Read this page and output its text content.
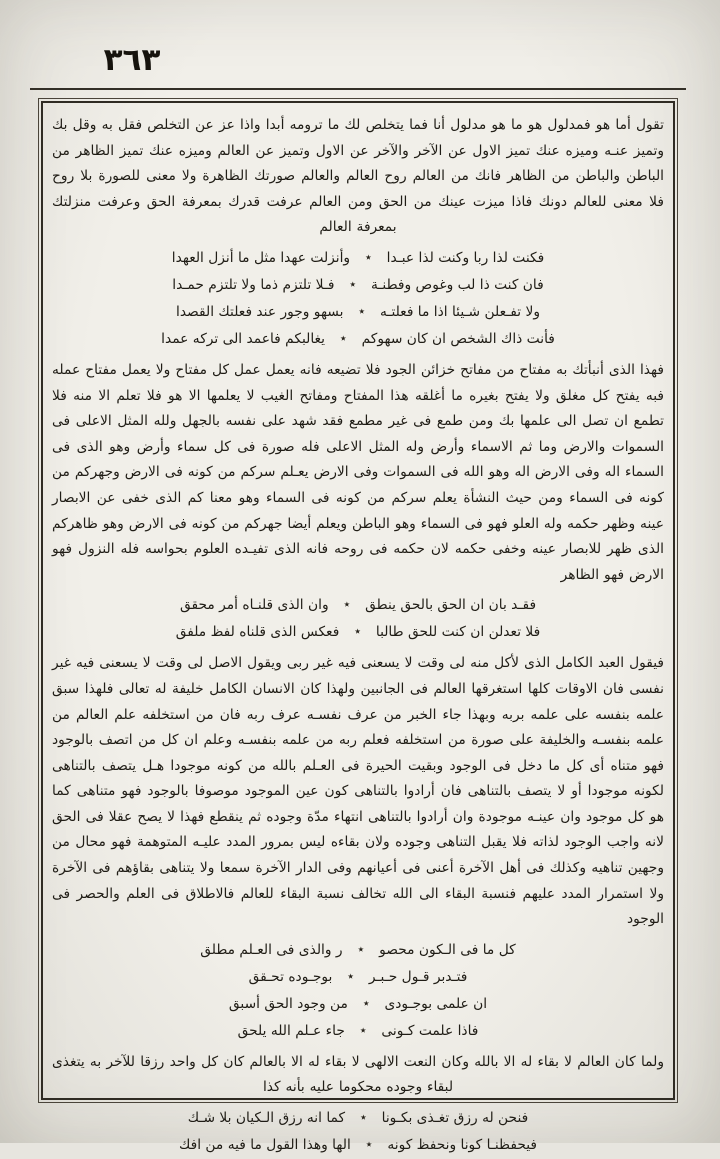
٣٦٣
تقول أما هو فمدلول هو ما هو مدلول أنا فما يتخلص لك ما ترومه أبدا واذا عز عن التخلص فقل به وقل بك وتميز عنـه وميزه عنك تميز الاول عن الآخر والآخر عن الاول وتميز عن العالم وميزه عنك تميز الظاهر من الباطن والباطن من الظاهر فانك من العالم روح العالم والعالم صورتك الظاهرة ولا معنى للصورة بلا روح فلا معنى للعالم دونك فاذا ميزت عينك من الحق ومن العالم عرفت قدرك بمعرفة الحق وعرفت منزلتك بمعرفة العالم
فكنت لذا ربا وكنت لذا عبـدا
٭
وأنزلت عهدا مثل ما أنزل العهدا
فان كنت ذا لب وغوص وفطنـة
٭
فـلا تلتزم ذما ولا تلتزم حمـدا
ولا تفـعلن شـيئا اذا ما فعلتـه
٭
بسهو وجور عند فعلتك القصدا
فأنت ذاك الشخص ان كان سهوكم
٭
يغالبكم فاعمد الى تركه عمدا
فهذا الذى أنبأتك به مفتاح من مفاتح خزائن الجود فلا تضيعه فانه يعمل عمل كل مفتاح ولا يعمل مفتاح عمله فبه يفتح كل مغلق ولا يفتح بغيره ما أغلقه هذا المفتاح ومفاتح الغيب لا يعلمها الا هو فلا تعلم الا منه فلا تطمع ان تصل الى علمها بك ومن طمع فى غير مطمع فقد شهد على نفسه بالجهل ولله المثل الاعلى فى السموات والارض وما ثم الاسماء وأرض وله المثل الاعلى فله صورة فى كل سماء وأرض وهو الذى فى السماء اله وفى الارض اله وهو الله فى السموات وفى الارض يعـلم سركم من كونه فى الارض وجهركم من كونه فى السماء ومن حيث النشأة يعلم سركم من كونه فى السماء وهو معنا كم الذى خفى عن الابصار عينه وظهر حكمه وله العلو فهو فى السماء وهو الباطن ويعلم أيضا جهركم من كونه فى الارض وهو ظاهركم الذى ظهر للابصار عينه وخفى حكمه لان حكمه فى روحه فانه الذى تفيـده العلوم بحواسه فله النزول فهو الارض فهو الظاهر
فقـد بان ان الحق بالحق ينطق
٭
وان الذى قلنـاه أمر محقق
فلا تعدلن ان كنت للحق طالبا
٭
فعكس الذى قلناه لفظ ملفق
فيقول العبد الكامل الذى لأكل منه لى وقت لا يسعنى فيه غير ربى ويقول الاصل لى وقت لا يسعنى فيه غير نفسى فان الاوقات كلها استغرقها العالم فى الجانبين ولهذا كان الانسان الكامل خليفة له تعالى فلهذا سبق علمه بنفسه على علمه بربه وبهذا جاء الخبر من عرف نفسـه عرف ربه فان من استخلفه علم العالم من علمه بنفسـه والخليفة على صورة من استخلفه فعلم ربه من علمه بنفسـه وعلم ان كل من اتصف بالوجود فهو متناه أى كل ما دخل فى الوجود وبقيت الحيرة فى العـلم بالله من كونه موجودا هـل يتصف بالتناهى لكونه موجودا أو لا يتصف بالتناهى فان أرادوا بالتناهى كون عين الموجود موصوفا بالوجود فهو متناهى كما هو كل موجود وان عينـه موجودة وان أرادوا بالتناهى انتهاء مدّة وجوده ثم ينقطع فهذا لا يصح عقلا فى الحق لانه واجب الوجود لذاته فلا يقبل التناهى وجوده ولان بقاءه ليس بمرور المدد عليـه المتوهمة فهو محال من وجهين تناهيه وكذلك فى أهل الآخرة أعنى فى أعيانهم وفى الدار الآخرة سمعا ولا يتناهى بقاؤهم فى الآخرة ولا استمرار المدد عليهم فنسبة البقاء الى الله تخالف نسبة البقاء للعالم فالاطلاق فى العلم والحصر فى الوجود
كل ما فى الـكون محصو
٭
ر والذى فى العـلم مطلق
فتـدبر قـول حـبـر
٭
بوجـوده تحـقق
ان علمى بوجـودى
٭
من وجود الحق أسبق
فاذا علمت كـونى
٭
جاء عـلم الله يلحق
ولما كان العالم لا بقاء له الا بالله وكان النعت الالهى لا بقاء له الا بالعالم كان كل واحد رزقا للآخر به يتغذى لبقاء وجوده محكوما عليه بأنه كذا
فنحن له رزق تغـذى بكـونا
٭
كما انه رزق الـكيان بلا شـك
فيحفظنـا كونا ونحفظ كونه
٭
الها وهذا القول ما فيه من افك
